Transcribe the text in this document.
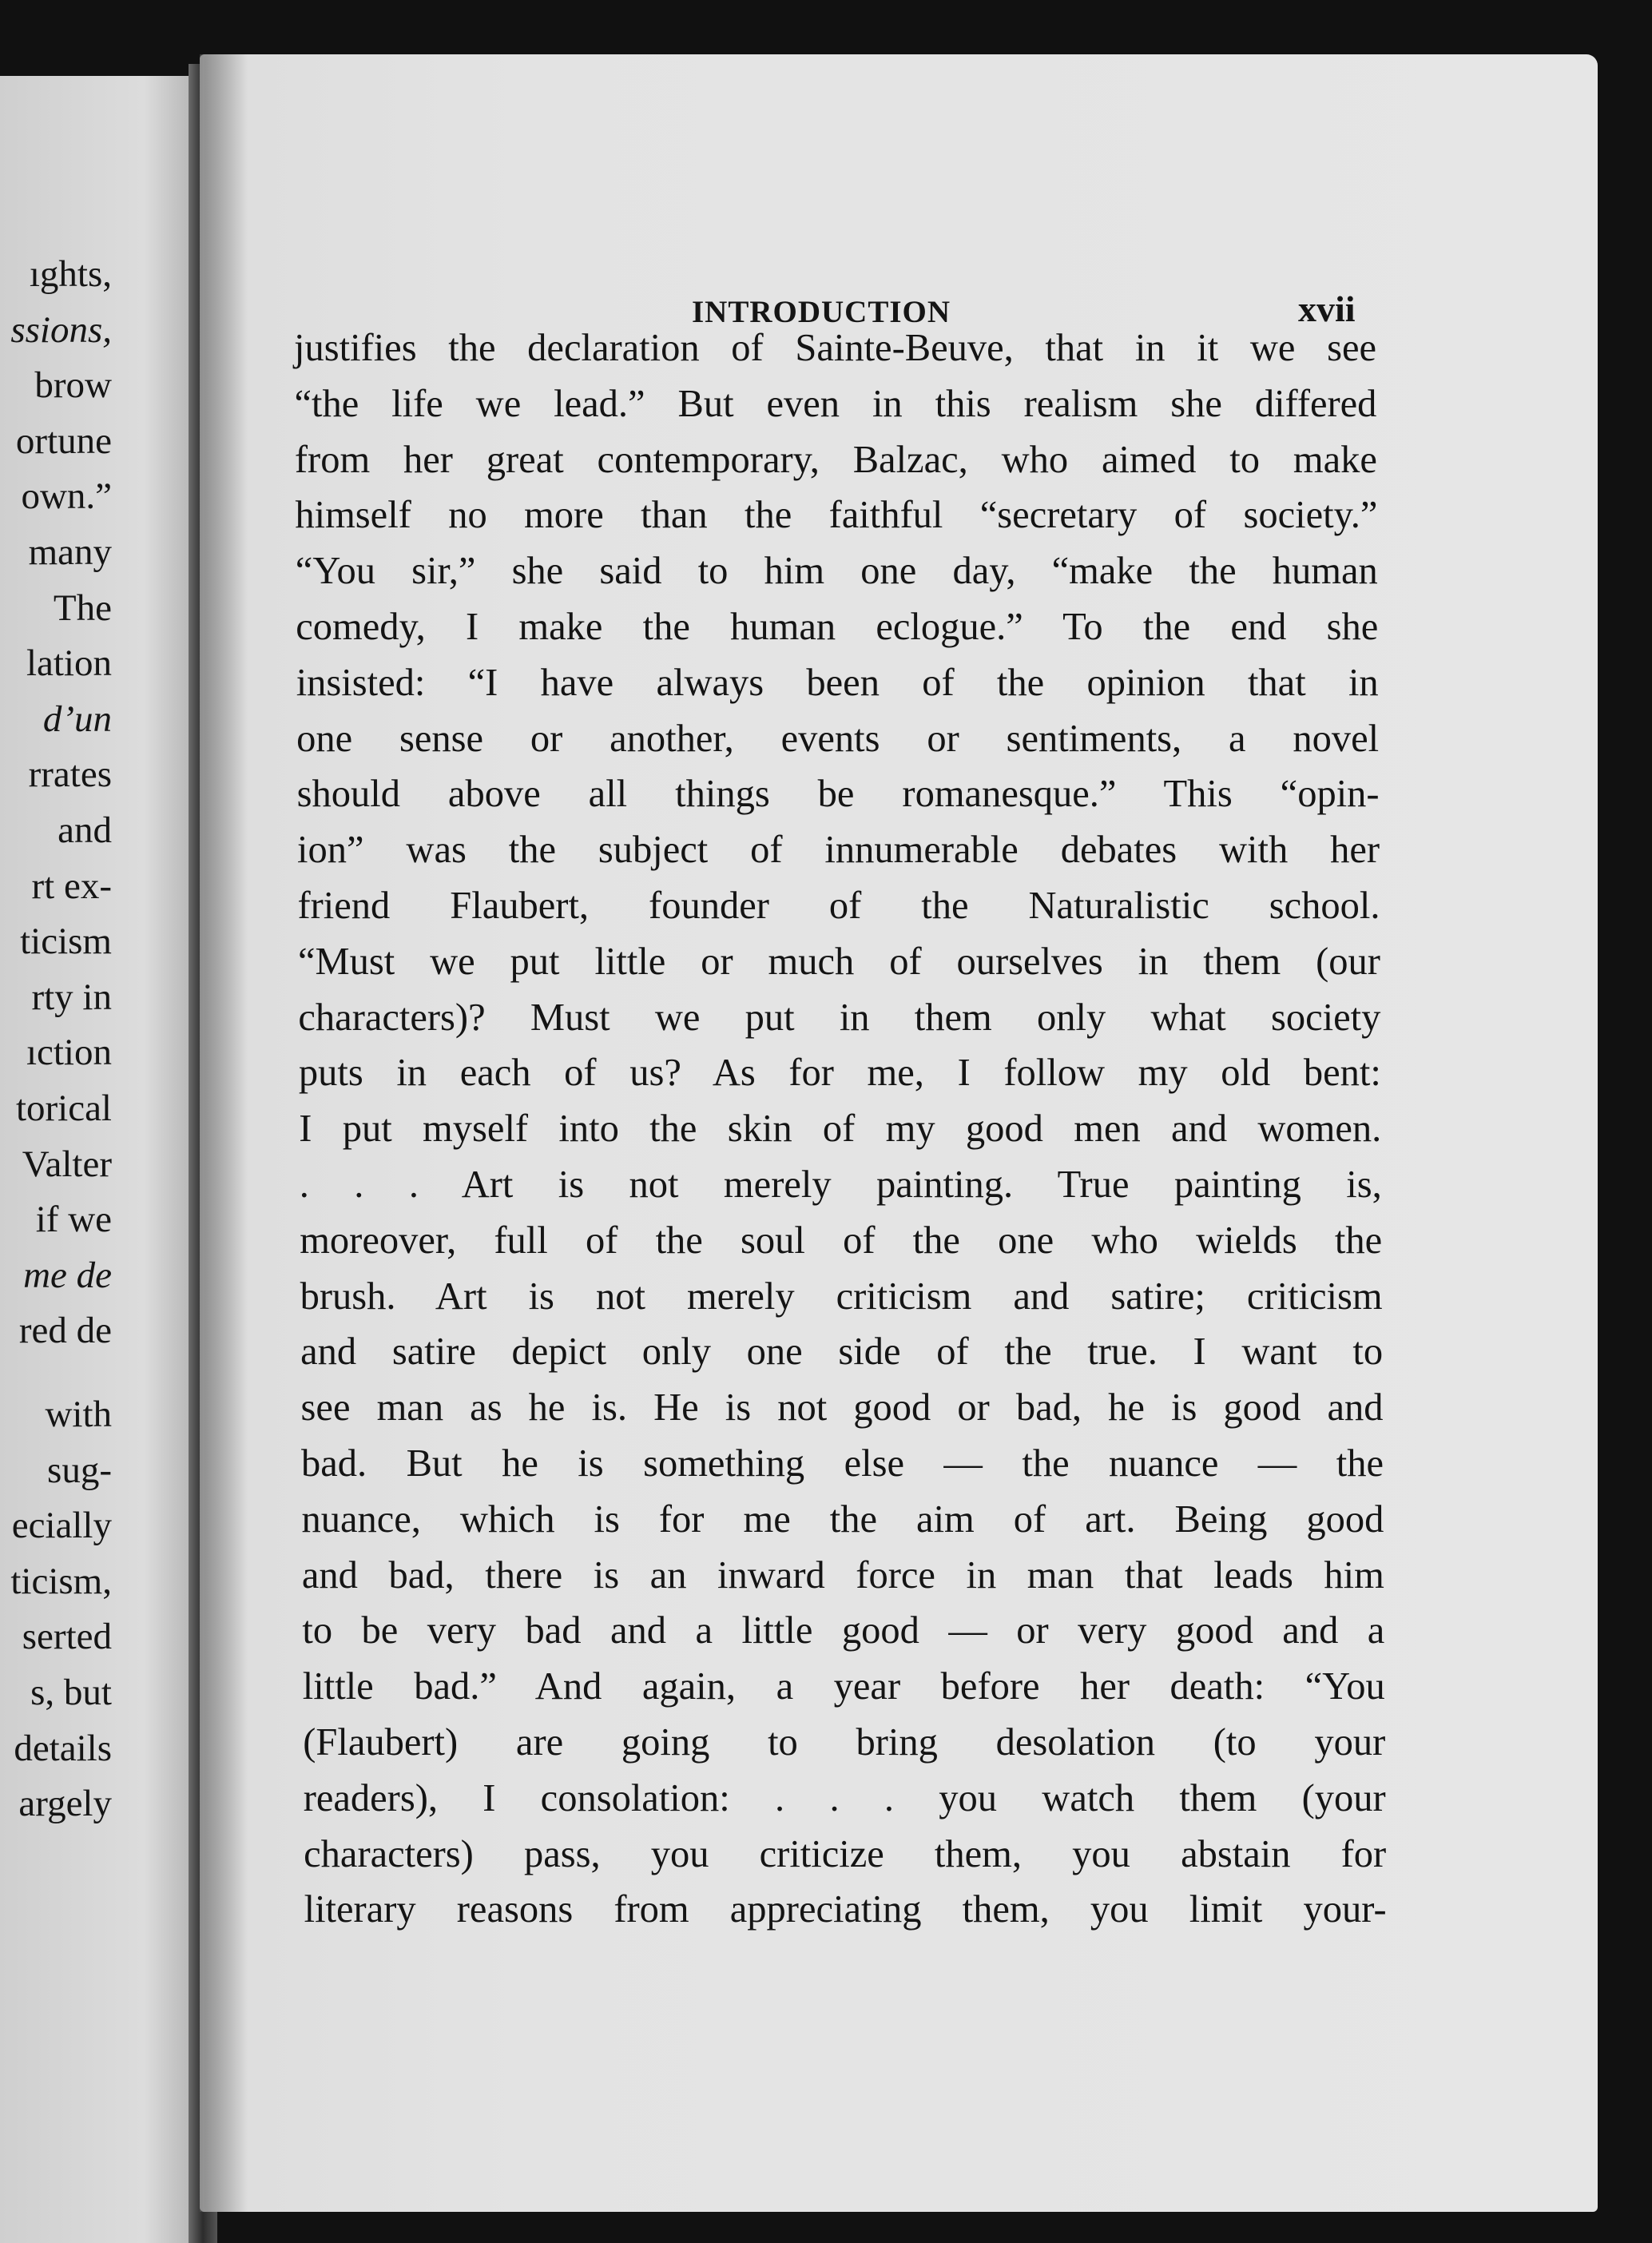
ıghts,
ssions,
brow
ortune
own.”
many
The
lation
d’un
rrates
and
rt ex-
ticism
rty in
ıction
torical
Valter
if we
me de
red de
with
sug-
ecially
ticism,
serted
s, but
details
argely
INTRODUCTION	xvii
justifies the declaration of Sainte-Beuve, that in it we see
“the life we lead.” But even in this realism she differed
from her great contemporary, Balzac, who aimed to make
himself no more than the faithful “secretary of society.”
“You sir,” she said to him one day, “make the human
comedy, I make the human eclogue.” To the end she
insisted: “I have always been of the opinion that in
one sense or another, events or sentiments, a novel
should above all things be romanesque.” This “opin-
ion” was the subject of innumerable debates with her
friend Flaubert, founder of the Naturalistic school.
“Must we put little or much of ourselves in them (our
characters)? Must we put in them only what society
puts in each of us? As for me, I follow my old bent:
I put myself into the skin of my good men and women.
. . . Art is not merely painting. True painting is,
moreover, full of the soul of the one who wields the
brush. Art is not merely criticism and satire; criticism
and satire depict only one side of the true. I want to
see man as he is. He is not good or bad, he is good and
bad. But he is something else — the nuance — the
nuance, which is for me the aim of art. Being good
and bad, there is an inward force in man that leads him
to be very bad and a little good — or very good and a
little bad.” And again, a year before her death: “You
(Flaubert) are going to bring desolation (to your
readers), I consolation: . . . you watch them (your
characters) pass, you criticize them, you abstain for
literary reasons from appreciating them, you limit your-
